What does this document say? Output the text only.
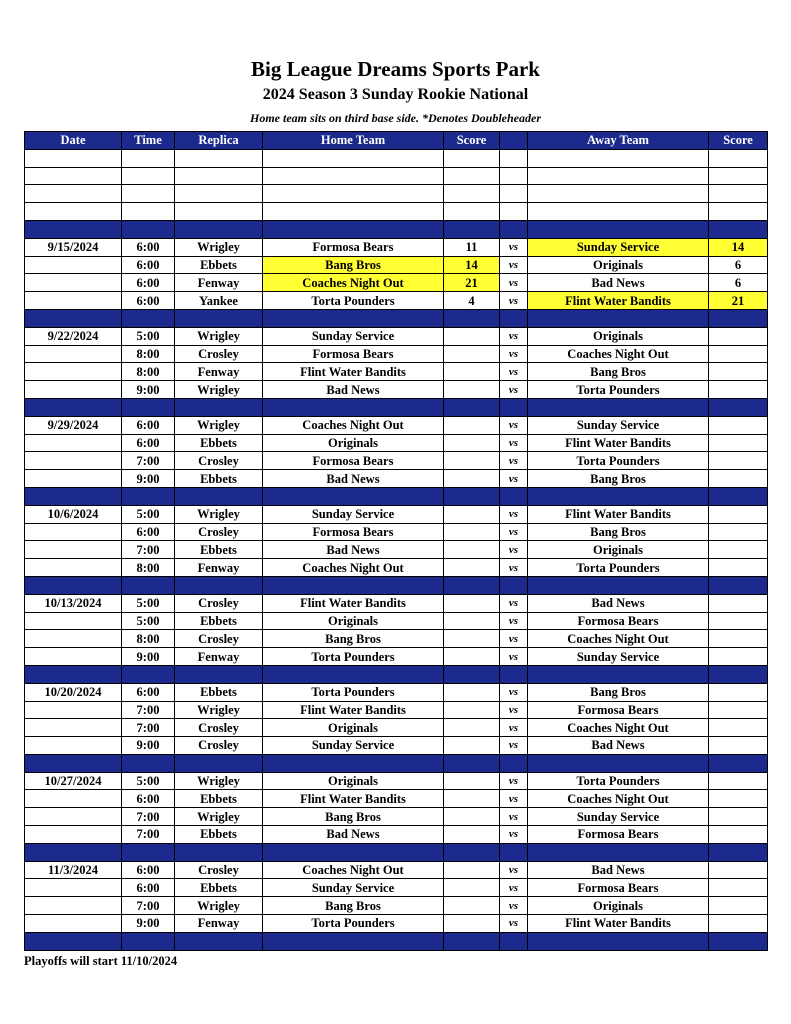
Big League Dreams Sports Park
2024 Season 3 Sunday Rookie National

Home team sits on third base side. *Denotes Doubleheader

Date	Time	Replica	Home Team	Score		Away Team	Score

9/15/2024	6:00	Wrigley	Formosa Bears	11	vs	Sunday Service	14
	6:00	Ebbets	Bang Bros	14	vs	Originals	6
	6:00	Fenway	Coaches Night Out	21	vs	Bad News	6
	6:00	Yankee	Torta Pounders	4	vs	Flint Water Bandits	21

9/22/2024	5:00	Wrigley	Sunday Service		vs	Originals	
	8:00	Crosley	Formosa Bears		vs	Coaches Night Out	
	8:00	Fenway	Flint Water Bandits		vs	Bang Bros	
	9:00	Wrigley	Bad News		vs	Torta Pounders	

9/29/2024	6:00	Wrigley	Coaches Night Out		vs	Sunday Service	
	6:00	Ebbets	Originals		vs	Flint Water Bandits	
	7:00	Crosley	Formosa Bears		vs	Torta Pounders	
	9:00	Ebbets	Bad News		vs	Bang Bros	

10/6/2024	5:00	Wrigley	Sunday Service		vs	Flint Water Bandits	
	6:00	Crosley	Formosa Bears		vs	Bang Bros	
	7:00	Ebbets	Bad News		vs	Originals	
	8:00	Fenway	Coaches Night Out		vs	Torta Pounders	

10/13/2024	5:00	Crosley	Flint Water Bandits		vs	Bad News	
	5:00	Ebbets	Originals		vs	Formosa Bears	
	8:00	Crosley	Bang Bros		vs	Coaches Night Out	
	9:00	Fenway	Torta Pounders		vs	Sunday Service	

10/20/2024	6:00	Ebbets	Torta Pounders		vs	Bang Bros	
	7:00	Wrigley	Flint Water Bandits		vs	Formosa Bears	
	7:00	Crosley	Originals		vs	Coaches Night Out	
	9:00	Crosley	Sunday Service		vs	Bad News	

10/27/2024	5:00	Wrigley	Originals		vs	Torta Pounders	
	6:00	Ebbets	Flint Water Bandits		vs	Coaches Night Out	
	7:00	Wrigley	Bang Bros		vs	Sunday Service	
	7:00	Ebbets	Bad News		vs	Formosa Bears	

11/3/2024	6:00	Crosley	Coaches Night Out		vs	Bad News	
	6:00	Ebbets	Sunday Service		vs	Formosa Bears	
	7:00	Wrigley	Bang Bros		vs	Originals	
	9:00	Fenway	Torta Pounders		vs	Flint Water Bandits	

Playoffs will start 11/10/2024
